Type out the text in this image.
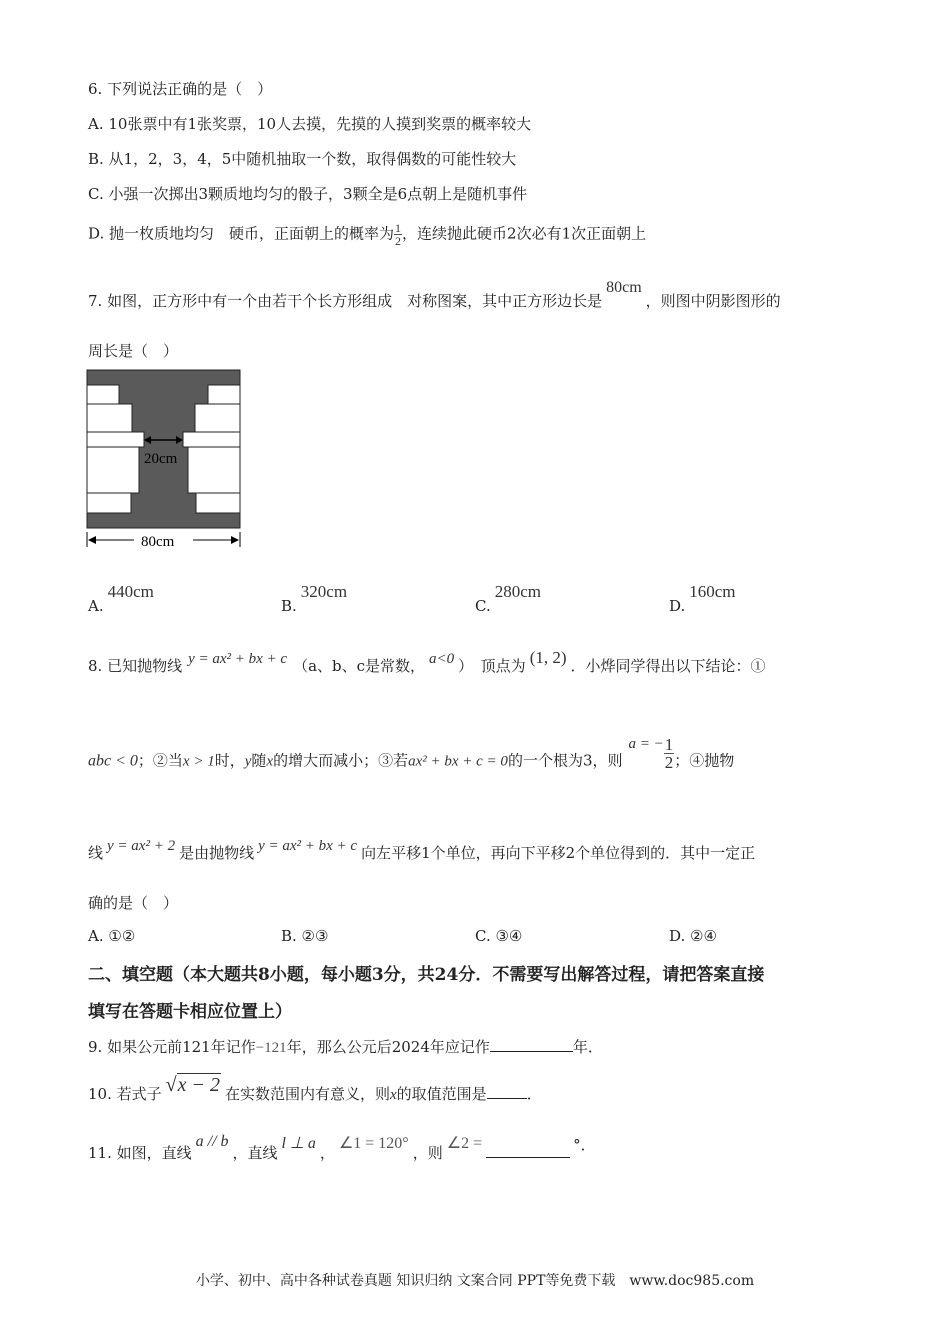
6. 下列说法正确的是（　）
A. 10张票中有1张奖票，10人去摸，先摸的人摸到奖票的概率较大
B. 从1，2，3，4，5中随机抽取一个数，取得偶数的可能性较大
C. 小强一次掷出3颗质地均匀的骰子，3颗全是6点朝上是随机事件
D. 抛一枚质地均匀　硬币，正面朝上的概率为 $\frac{1}{2}$ ，连续抛此硬币2次必有1次正面朝上
7. 如图，正方形中有一个由若干个长方形组成　对称图案，其中正方形边长是80cm，则图中阴影图形的
周长是（　）
20cm
80cm
A.440cm
B.320cm
C.280cm
D.160cm
8. 已知抛物线 y = ax² + bx + c （a、b、c是常数， a<0 ）　顶点为 (1, 2) ．小烨同学得出以下结论：①
abc < 0；②当x > 1时，y随x的增大而减小；③若ax² + bx + c = 0的一个根为3，则a = − $\frac{1}{2}$ ；④抛物
线 y = ax² + 2 是由抛物线 y = ax² + bx + c 向左平移1个单位，再向下平移2个单位得到的．其中一定正
确的是（　）
A. ①②	B. ②③	C. ③④	D. ②④
二、填空题（本大题共8小题，每小题3分，共24分．不需要写出解答过程，请把答案直接
填写在答题卡相应位置上）
9. 如果公元前121年记作−121年，那么公元后2024年应记作	年．
10. 若式子 √x − 2 在实数范围内有意义，则x的取值范围是	．
11. 如图，直线a // b，直线l ⊥ a，∠1 = 120°，则∠2 =	°．
小学、初中、高中各种试卷真题 知识归纳 文案合同 PPT等免费下载　www.doc985.com
